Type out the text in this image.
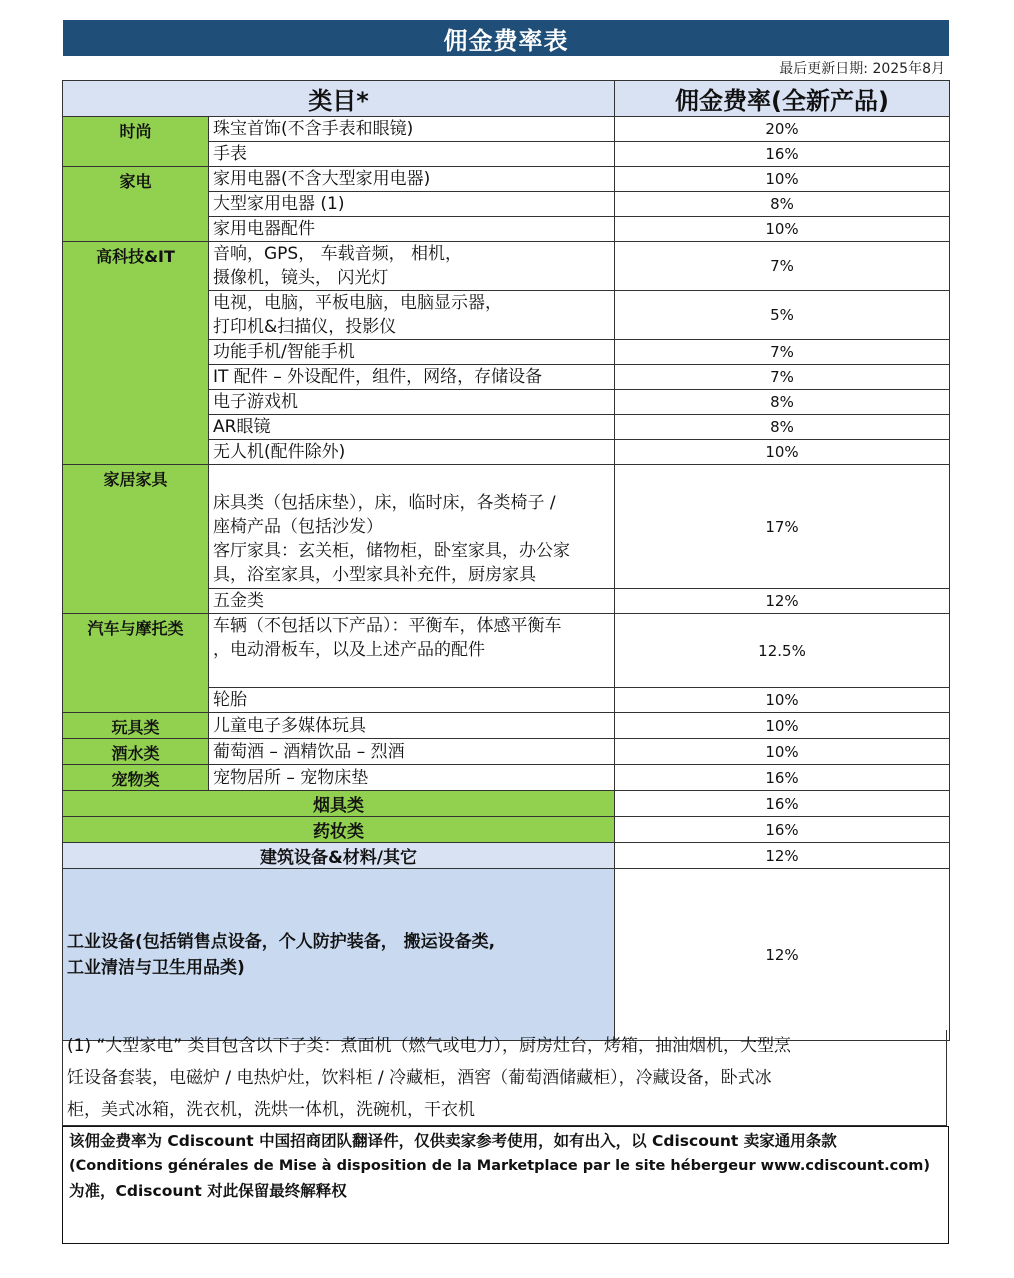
佣金费率表
最后更新日期: 2025年8月
类目*		佣金费率(全新产品)
时尚	珠宝首饰(不含手表和眼镜)	20%
	手表	16%
家电	家用电器(不含大型家用电器)	10%
	大型家用电器 (1)	8%
	家用电器配件	10%
高科技&IT	音响，GPS， 车载音频， 相机，
摄像机，镜头， 闪光灯	7%

	电视，电脑，平板电脑，电脑显示器，
打印机&扫描仪，投影仪	5%
	功能手机/智能手机	7%
	IT 配件 – 外设配件，组件，网络，存储设备	7%
	电子游戏机	8%
	AR眼镜	8%
	无人机(配件除外)	10%
家居家具	床具类（包括床垫），床，临时床，各类椅子 /
座椅产品（包括沙发）
客厅家具：玄关柜，储物柜，卧室家具，办公家
具，浴室家具，小型家具补充件，厨房家具	17%
	五金类	12%
汽车与摩托类	车辆（不包括以下产品）：平衡车，体感平衡车
，电动滑板车，以及上述产品的配件	12.5%
	轮胎	10%
玩具类	儿童电子多媒体玩具	10%
酒水类	葡萄酒 – 酒精饮品 – 烈酒	10%
宠物类	宠物居所 – 宠物床垫	16%
烟具类		16%
药妆类		16%
建筑设备&材料/其它		12%

工业设备(包括销售点设备，个人防护装备， 搬运设备类,
工业清洁与卫生用品类)		12%
(1) “大型家电” 类目包含以下子类：煮面机（燃气或电力），厨房灶台，烤箱，抽油烟机，大型烹
饪设备套装，电磁炉 / 电热炉灶，饮料柜 / 冷藏柜，酒窖（葡萄酒储藏柜），冷藏设备，卧式冰
柜，美式冰箱，洗衣机，洗烘一体机，洗碗机，干衣机
该佣金费率为 Cdiscount 中国招商团队翻译件，仅供卖家参考使用，如有出入，以 Cdiscount 卖家通用条款
(Conditions générales de Mise à disposition de la Marketplace par le site hébergeur www.cdiscount.com)
为准，Cdiscount 对此保留最终解释权
